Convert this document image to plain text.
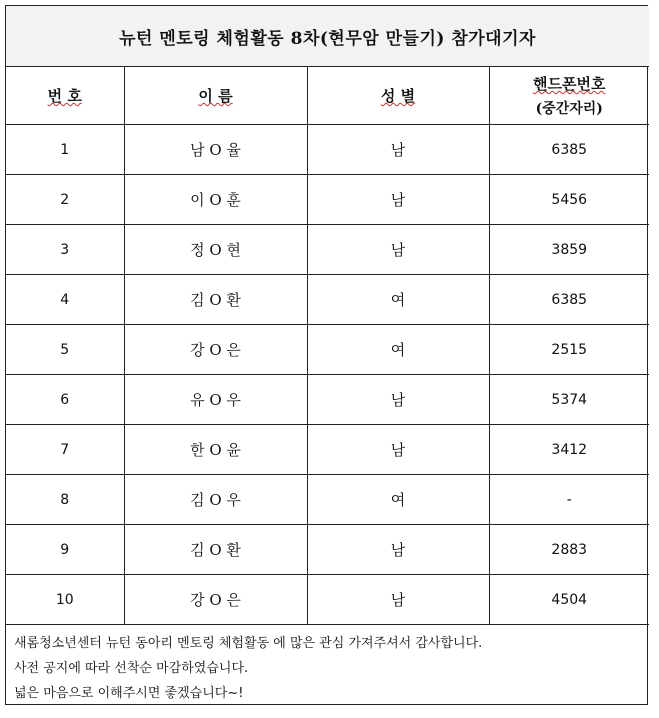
뉴턴 멘토링 체험활동 8차(현무암 만들기) 참가대기자			
번 호	이 름	성 별	핸드폰번호
(중간자리)

1	남 O 율	남	6385
2	이 O 훈	남	5456
3	정 O 현	남	3859
4	김 O 환	여	6385
5	강 O 은	여	2515
6	유 O 우	남	5374
7	한 O 윤	남	3412
8	김 O 우	여	-
9	김 O 환	남	2883
10	강 O 은	남	4504

새롬청소년센터 뉴턴 동아리 멘토링 체험활동 에 많은 관심 가져주셔서 감사합니다.
사전 공지에 따라 선착순 마감하였습니다.
넓은 마음으로 이해주시면 좋겠습니다~!			
